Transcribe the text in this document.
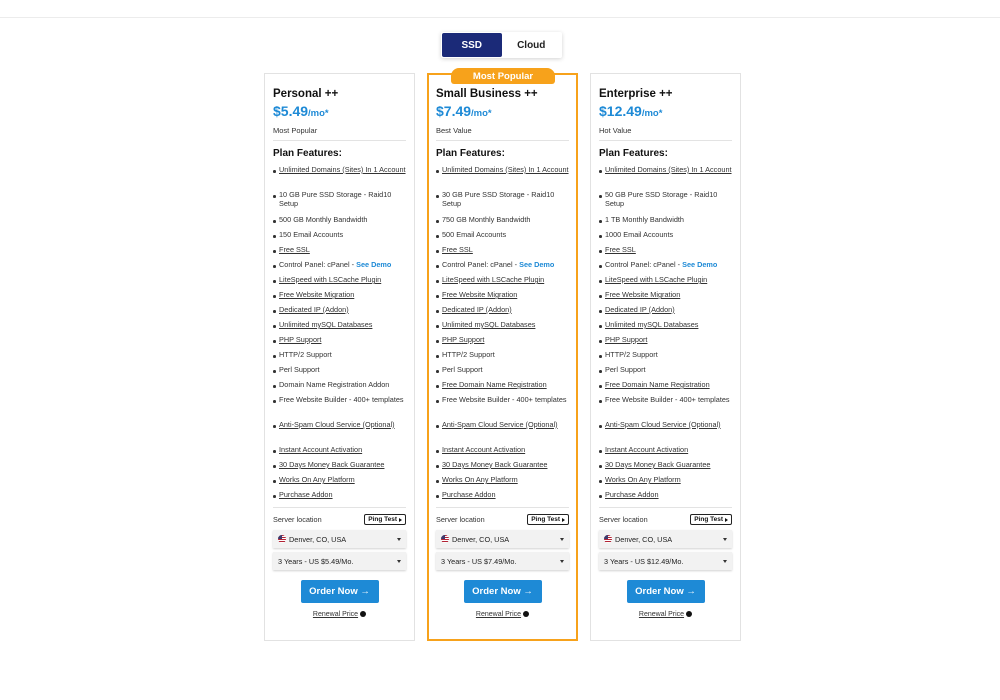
SSD	Cloud
Personal ++
$5.49/mo*
Most Popular
Plan Features:
Unlimited Domains (Sites) In 1 Account
10 GB Pure SSD Storage - Raid10 Setup
500 GB Monthly Bandwidth
150 Email Accounts
Free SSL
Control Panel: cPanel - See Demo
LiteSpeed with LSCache Plugin
Free Website Migration
Dedicated IP (Addon)
Unlimited mySQL Databases
PHP Support
HTTP/2 Support
Perl Support
Domain Name Registration Addon
Free Website Builder - 400+ templates
Anti-Spam Cloud Service (Optional)
Instant Account Activation
30 Days Money Back Guarantee
Works On Any Platform
Purchase Addon
Server location	Ping Test
Denver, CO, USA
3 Years - US $5.49/Mo.
Order Now →
Renewal Price
Most Popular
Small Business ++
$7.49/mo*
Best Value
Plan Features:
Unlimited Domains (Sites) In 1 Account
30 GB Pure SSD Storage - Raid10 Setup
750 GB Monthly Bandwidth
500 Email Accounts
Free SSL
Control Panel: cPanel - See Demo
LiteSpeed with LSCache Plugin
Free Website Migration
Dedicated IP (Addon)
Unlimited mySQL Databases
PHP Support
HTTP/2 Support
Perl Support
Free Domain Name Registration
Free Website Builder - 400+ templates
Anti-Spam Cloud Service (Optional)
Instant Account Activation
30 Days Money Back Guarantee
Works On Any Platform
Purchase Addon
Server location	Ping Test
Denver, CO, USA
3 Years - US $7.49/Mo.
Order Now →
Renewal Price
Enterprise ++
$12.49/mo*
Hot Value
Plan Features:
Unlimited Domains (Sites) In 1 Account
50 GB Pure SSD Storage - Raid10 Setup
1 TB Monthly Bandwidth
1000 Email Accounts
Free SSL
Control Panel: cPanel - See Demo
LiteSpeed with LSCache Plugin
Free Website Migration
Dedicated IP (Addon)
Unlimited mySQL Databases
PHP Support
HTTP/2 Support
Perl Support
Free Domain Name Registration
Free Website Builder - 400+ templates
Anti-Spam Cloud Service (Optional)
Instant Account Activation
30 Days Money Back Guarantee
Works On Any Platform
Purchase Addon
Server location	Ping Test
Denver, CO, USA
3 Years - US $12.49/Mo.
Order Now →
Renewal Price
